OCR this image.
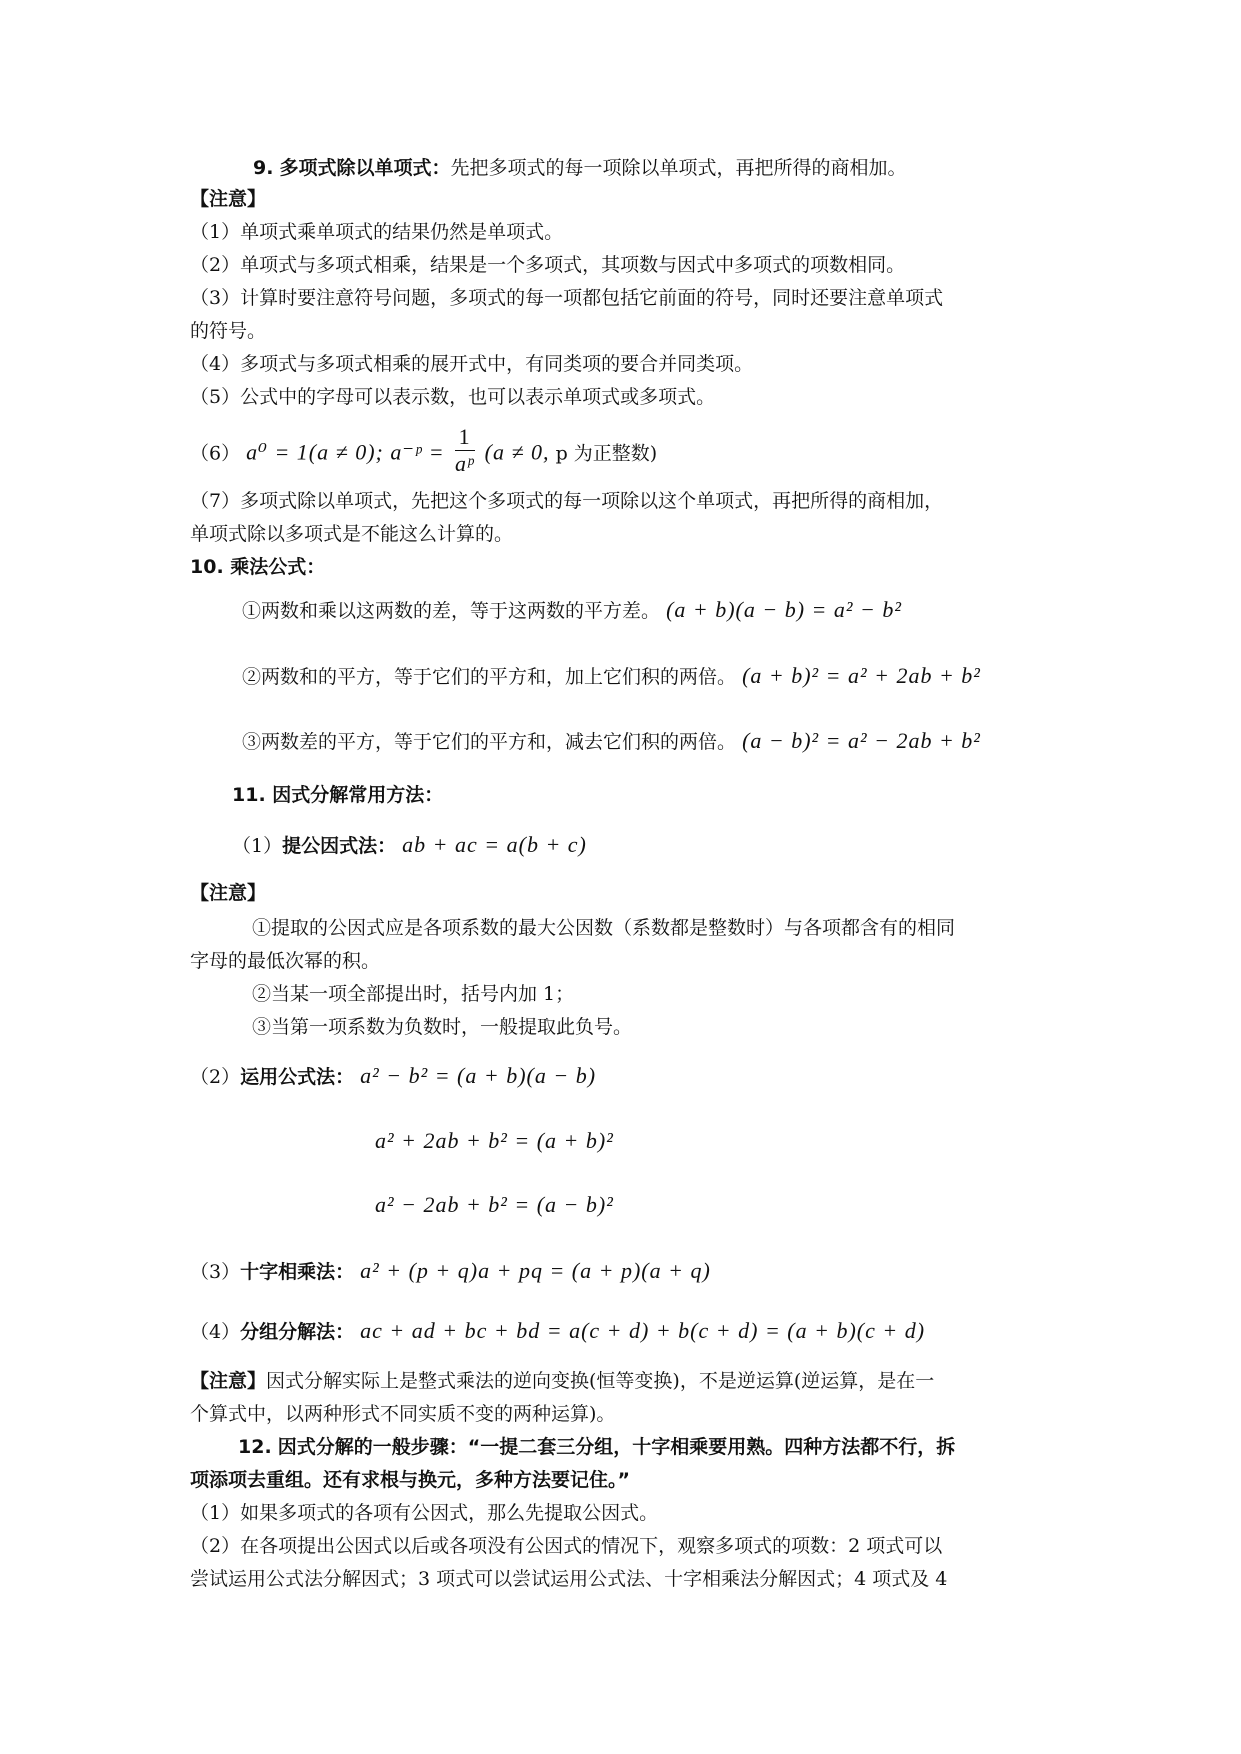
9. 多项式除以单项式：先把多项式的每一项除以单项式，再把所得的商相加。
【注意】
（1）单项式乘单项式的结果仍然是单项式。
（2）单项式与多项式相乘，结果是一个多项式，其项数与因式中多项式的项数相同。
（3）计算时要注意符号问题，多项式的每一项都包括它前面的符号，同时还要注意单项式
的符号。
（4）多项式与多项式相乘的展开式中，有同类项的要合并同类项。
（5）公式中的字母可以表示数，也可以表示单项式或多项式。
（6） a⁰ = 1(a ≠ 0); a⁻ᵖ = $\frac{1}{\text{aᵖ}} (a \ne 0$, p 为正整数)
（7）多项式除以单项式，先把这个多项式的每一项除以这个单项式，再把所得的商相加，
单项式除以多项式是不能这么计算的。
10. 乘法公式：
①两数和乘以这两数的差，等于这两数的平方差。 (a + b)(a − b) = a² − b²
②两数和的平方，等于它们的平方和，加上它们积的两倍。 (a + b)² = a² + 2ab + b²
③两数差的平方，等于它们的平方和，减去它们积的两倍。 (a − b)² = a² − 2ab + b²
11. 因式分解常用方法：
（1）提公因式法： ab + ac = a(b + c)
【注意】
①提取的公因式应是各项系数的最大公因数（系数都是整数时）与各项都含有的相同
字母的最低次幂的积。
②当某一项全部提出时，括号内加 1；
③当第一项系数为负数时，一般提取此负号。
（2）运用公式法： a² − b² = (a + b)(a − b)
a² + 2ab + b² = (a + b)²
a² − 2ab + b² = (a − b)²
（3）十字相乘法： a² + (p + q)a + pq = (a + p)(a + q)
（4）分组分解法： ac + ad + bc + bd = a(c + d) + b(c + d) = (a + b)(c + d)
【注意】因式分解实际上是整式乘法的逆向变换(恒等变换)，不是逆运算(逆运算，是在一
个算式中，以两种形式不同实质不变的两种运算)。
12. 因式分解的一般步骤：“一提二套三分组，十字相乘要用熟。四种方法都不行，拆
项添项去重组。还有求根与换元，多种方法要记住。”
（1）如果多项式的各项有公因式，那么先提取公因式。
（2）在各项提出公因式以后或各项没有公因式的情况下，观察多项式的项数：2 项式可以
尝试运用公式法分解因式；3 项式可以尝试运用公式法、十字相乘法分解因式；4 项式及 4
